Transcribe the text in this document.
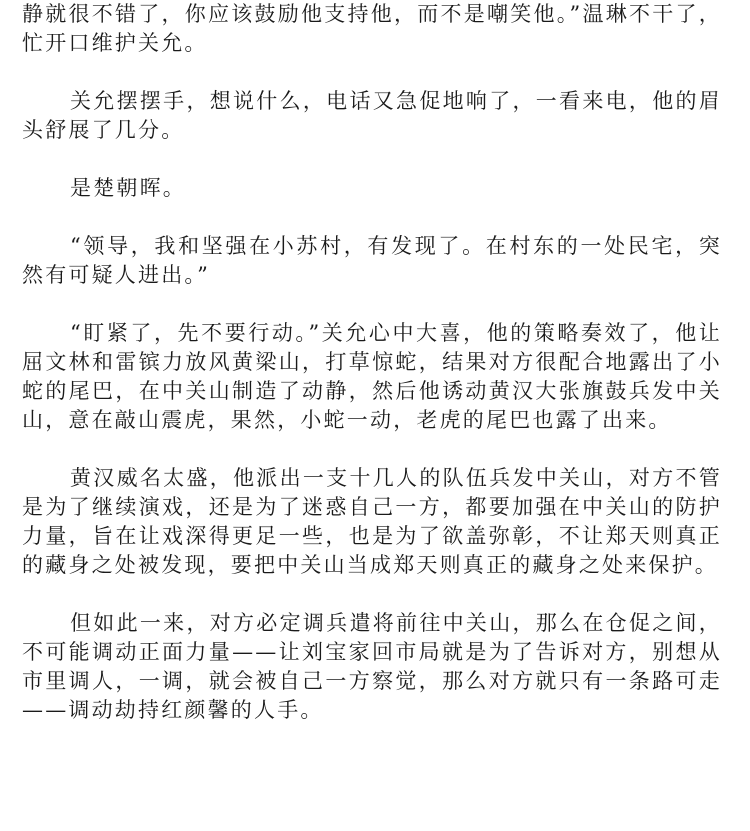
静就很不错了，你应该鼓励他支持他，而不是嘲笑他。”温琳不干了，忙开口维护关允。

关允摆摆手，想说什么，电话又急促地响了，一看来电，他的眉头舒展了几分。

是楚朝晖。

“领导，我和坚强在小苏村，有发现了。在村东的一处民宅，突然有可疑人进出。”

“盯紧了，先不要行动。”关允心中大喜，他的策略奏效了，他让屈文林和雷镔力放风黄梁山，打草惊蛇，结果对方很配合地露出了小蛇的尾巴，在中关山制造了动静，然后他诱动黄汉大张旗鼓兵发中关山，意在敲山震虎，果然，小蛇一动，老虎的尾巴也露了出来。

黄汉威名太盛，他派出一支十几人的队伍兵发中关山，对方不管是为了继续演戏，还是为了迷惑自己一方，都要加强在中关山的防护力量，旨在让戏深得更足一些，也是为了欲盖弥彰，不让郑天则真正的藏身之处被发现，要把中关山当成郑天则真正的藏身之处来保护。

但如此一来，对方必定调兵遣将前往中关山，那么在仓促之间，不可能调动正面力量——让刘宝家回市局就是为了告诉对方，别想从市里调人，一调，就会被自己一方察觉，那么对方就只有一条路可走——调动劫持红颜馨的人手。
